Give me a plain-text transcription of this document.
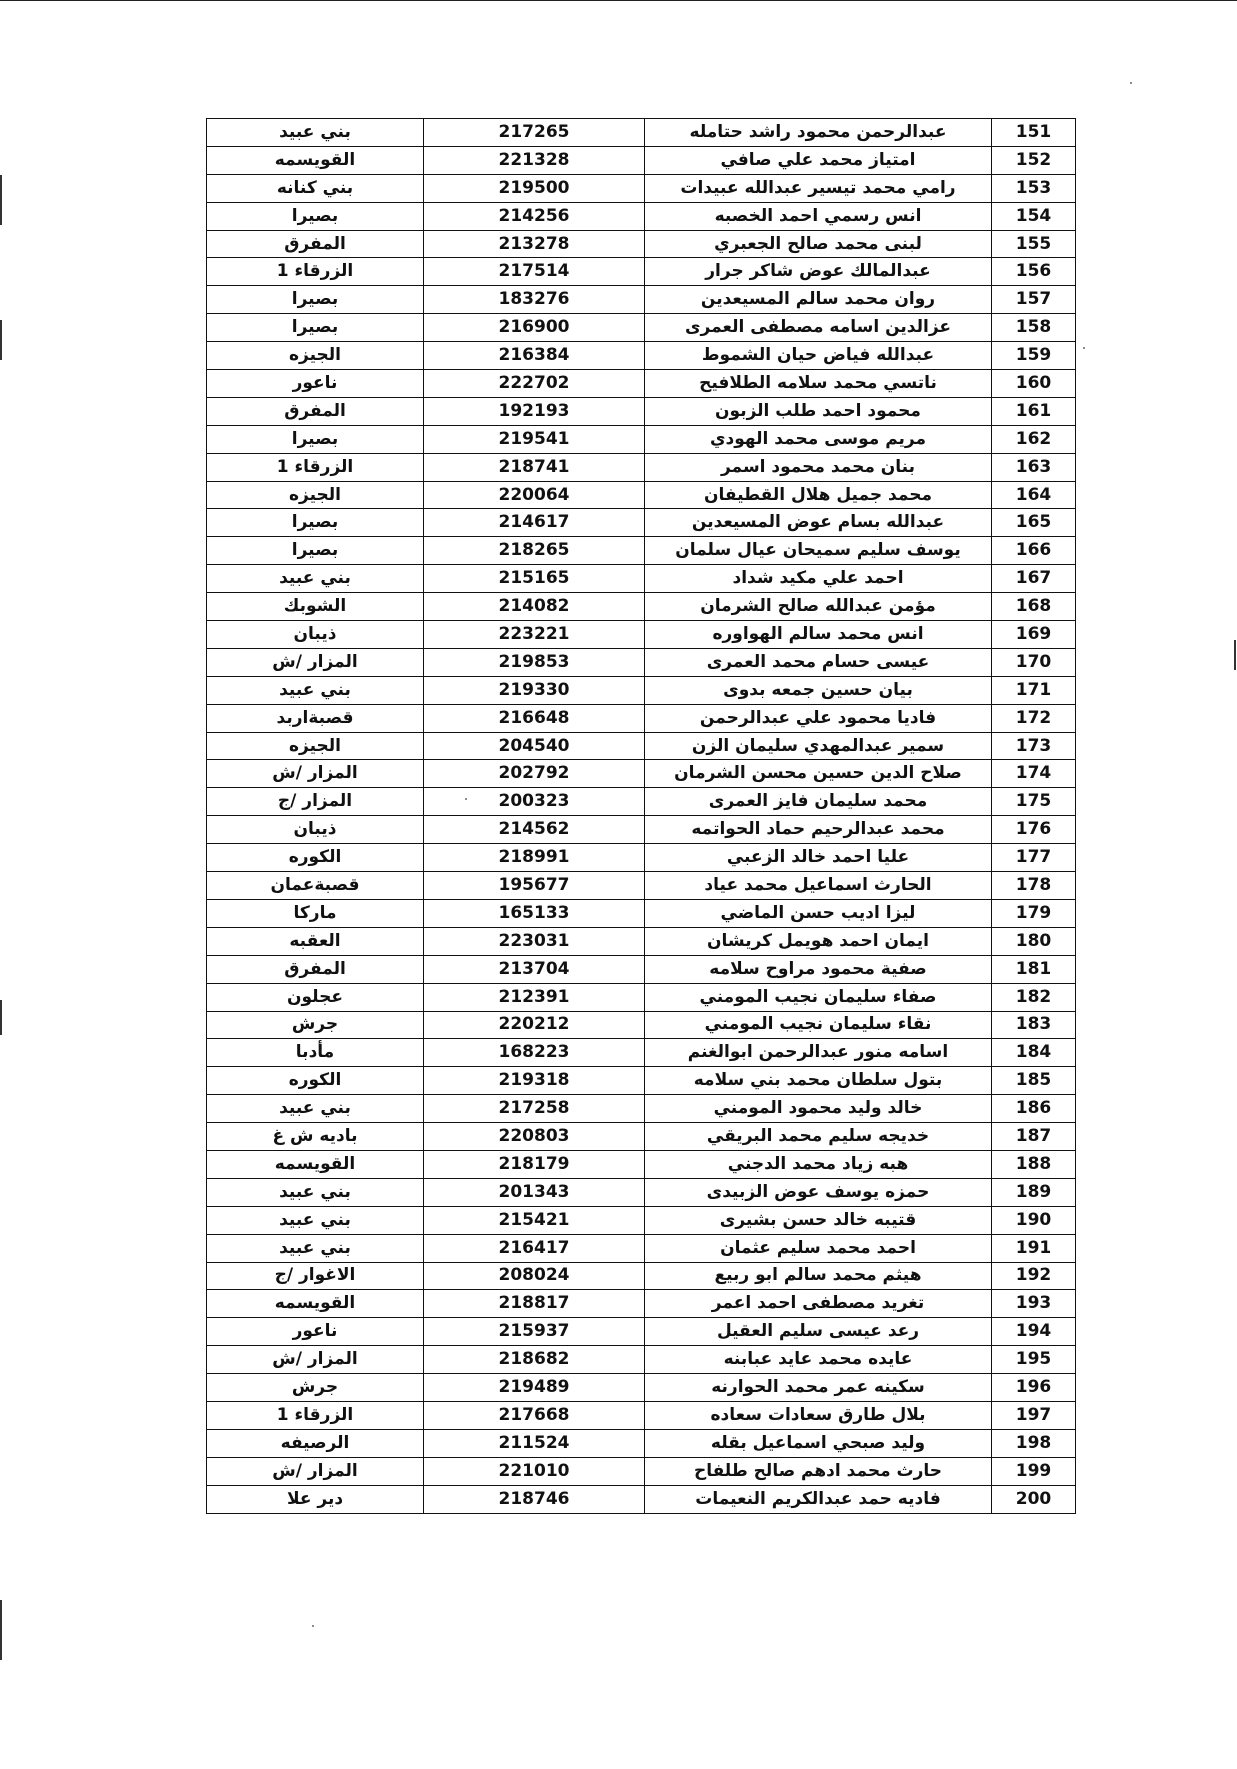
بني عبيد	217265	عبدالرحمن محمود راشد حتامله	151
القويسمه	221328	امتياز محمد علي صافي	152
بني كنانه	219500	رامي محمد تيسير عبدالله عبيدات	153
بصيرا	214256	انس رسمي احمد الخصبه	154
المفرق	213278	لبنى محمد صالح الجعبري	155
الزرقاء 1	217514	عبدالمالك عوض شاكر جرار	156
بصيرا	183276	روان محمد سالم المسيعدين	157
بصيرا	216900	عزالدين اسامه مصطفى العمرى	158
الجيزه	216384	عبدالله فياض حيان الشموط	159
ناعور	222702	ناتسي محمد سلامه الطلافيح	160
المفرق	192193	محمود احمد طلب الزبون	161
بصيرا	219541	مريم موسى محمد الهودي	162
الزرقاء 1	218741	بنان محمد محمود اسمر	163
الجيزه	220064	محمد جميل هلال القطيفان	164
بصيرا	214617	عبدالله بسام عوض المسيعدين	165
بصيرا	218265	يوسف سليم سميحان عيال سلمان	166
بني عبيد	215165	احمد علي مكيد شداد	167
الشوبك	214082	مؤمن عبدالله صالح الشرمان	168
ذيبان	223221	انس محمد سالم الهواوره	169
المزار /ش	219853	عيسى حسام محمد العمرى	170
بني عبيد	219330	بيان حسين جمعه بدوى	171
قصبةاربد	216648	فاديا محمود علي عبدالرحمن	172
الجيزه	204540	سمير عبدالمهدي سليمان الزن	173
المزار /ش	202792	صلاح الدين حسين محسن الشرمان	174
المزار /ج	200323	محمد سليمان فايز العمرى	175
ذيبان	214562	محمد عبدالرحيم حماد الحواتمه	176
الكوره	218991	عليا احمد خالد الزعبي	177
قصبةعمان	195677	الحارث اسماعيل محمد عياد	178
ماركا	165133	ليزا اديب حسن الماضي	179
العقبه	223031	ايمان احمد هويمل كريشان	180
المفرق	213704	صفية محمود مراوح سلامه	181
عجلون	212391	صفاء سليمان نجيب المومني	182
جرش	220212	نقاء سليمان نجيب المومني	183
مأدبا	168223	اسامه منور عبدالرحمن ابوالغنم	184
الكوره	219318	بتول سلطان محمد بني سلامه	185
بني عبيد	217258	خالد وليد محمود المومني	186
باديه ش غ	220803	خديجه سليم محمد البريقي	187
القويسمه	218179	هبه زياد محمد الدجني	188
بني عبيد	201343	حمزه يوسف عوض الزبيدى	189
بني عبيد	215421	قتيبه خالد حسن بشيرى	190
بني عبيد	216417	احمد محمد سليم عثمان	191
الاغوار /ج	208024	هيثم محمد سالم ابو ربيع	192
القويسمه	218817	تغريد مصطفى احمد اعمر	193
ناعور	215937	رعد عيسى سليم العقيل	194
المزار /ش	218682	عايده محمد عايد عبابنه	195
جرش	219489	سكينه عمر محمد الحوارنه	196
الزرقاء 1	217668	بلال طارق سعادات سعاده	197
الرصيفه	211524	وليد صبحي اسماعيل بقله	198
المزار /ش	221010	حارث محمد ادهم صالح طلفاح	199
دير علا	218746	فاديه حمد عبدالكريم النعيمات	200
